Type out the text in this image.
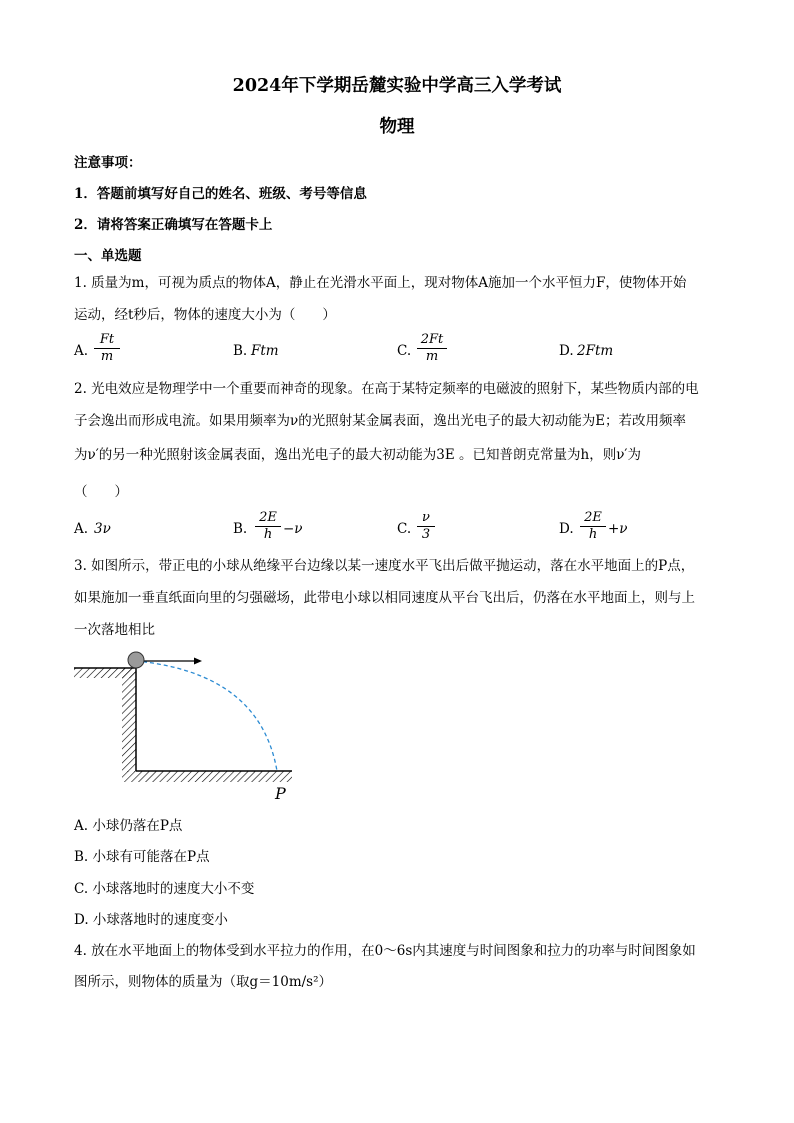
2024年下学期岳麓实验中学高三入学考试
物理
注意事项：
1．答题前填写好自己的姓名、班级、考号等信息
2．请将答案正确填写在答题卡上
一、单选题
1. 质量为m，可视为质点的物体A，静止在光滑水平面上，现对物体A施加一个水平恒力F，使物体开始
运动，经t秒后，物体的速度大小为（　　）
A. $\frac{Ft}{m}$	B. Ftm	C. $\frac{2Ft}{m}$	D. 2Ftm
2. 光电效应是物理学中一个重要而神奇的现象。在高于某特定频率的电磁波的照射下，某些物质内部的电
子会逸出而形成电流。如果用频率为ν的光照射某金属表面，逸出光电子的最大初动能为E；若改用频率
为ν′的另一种光照射该金属表面，逸出光电子的最大初动能为3E 。已知普朗克常量为h，则ν′为
（　　）
A. 3ν	B. $\frac{2E}{h} -\nu$	C. $\frac{\nu}{3}$	D. $\frac{2E}{h} +\nu$
3. 如图所示，带正电的小球从绝缘平台边缘以某一速度水平飞出后做平抛运动，落在水平地面上的P点，
如果施加一垂直纸面向里的匀强磁场，此带电小球以相同速度从平台飞出后，仍落在水平地面上，则与上
一次落地相比
P
A. 小球仍落在P点
B. 小球有可能落在P点
C. 小球落地时的速度大小不变
D. 小球落地时的速度变小
4. 放在水平地面上的物体受到水平拉力的作用，在0～6s内其速度与时间图象和拉力的功率与时间图象如
图所示，则物体的质量为（取g＝10m/s²）
